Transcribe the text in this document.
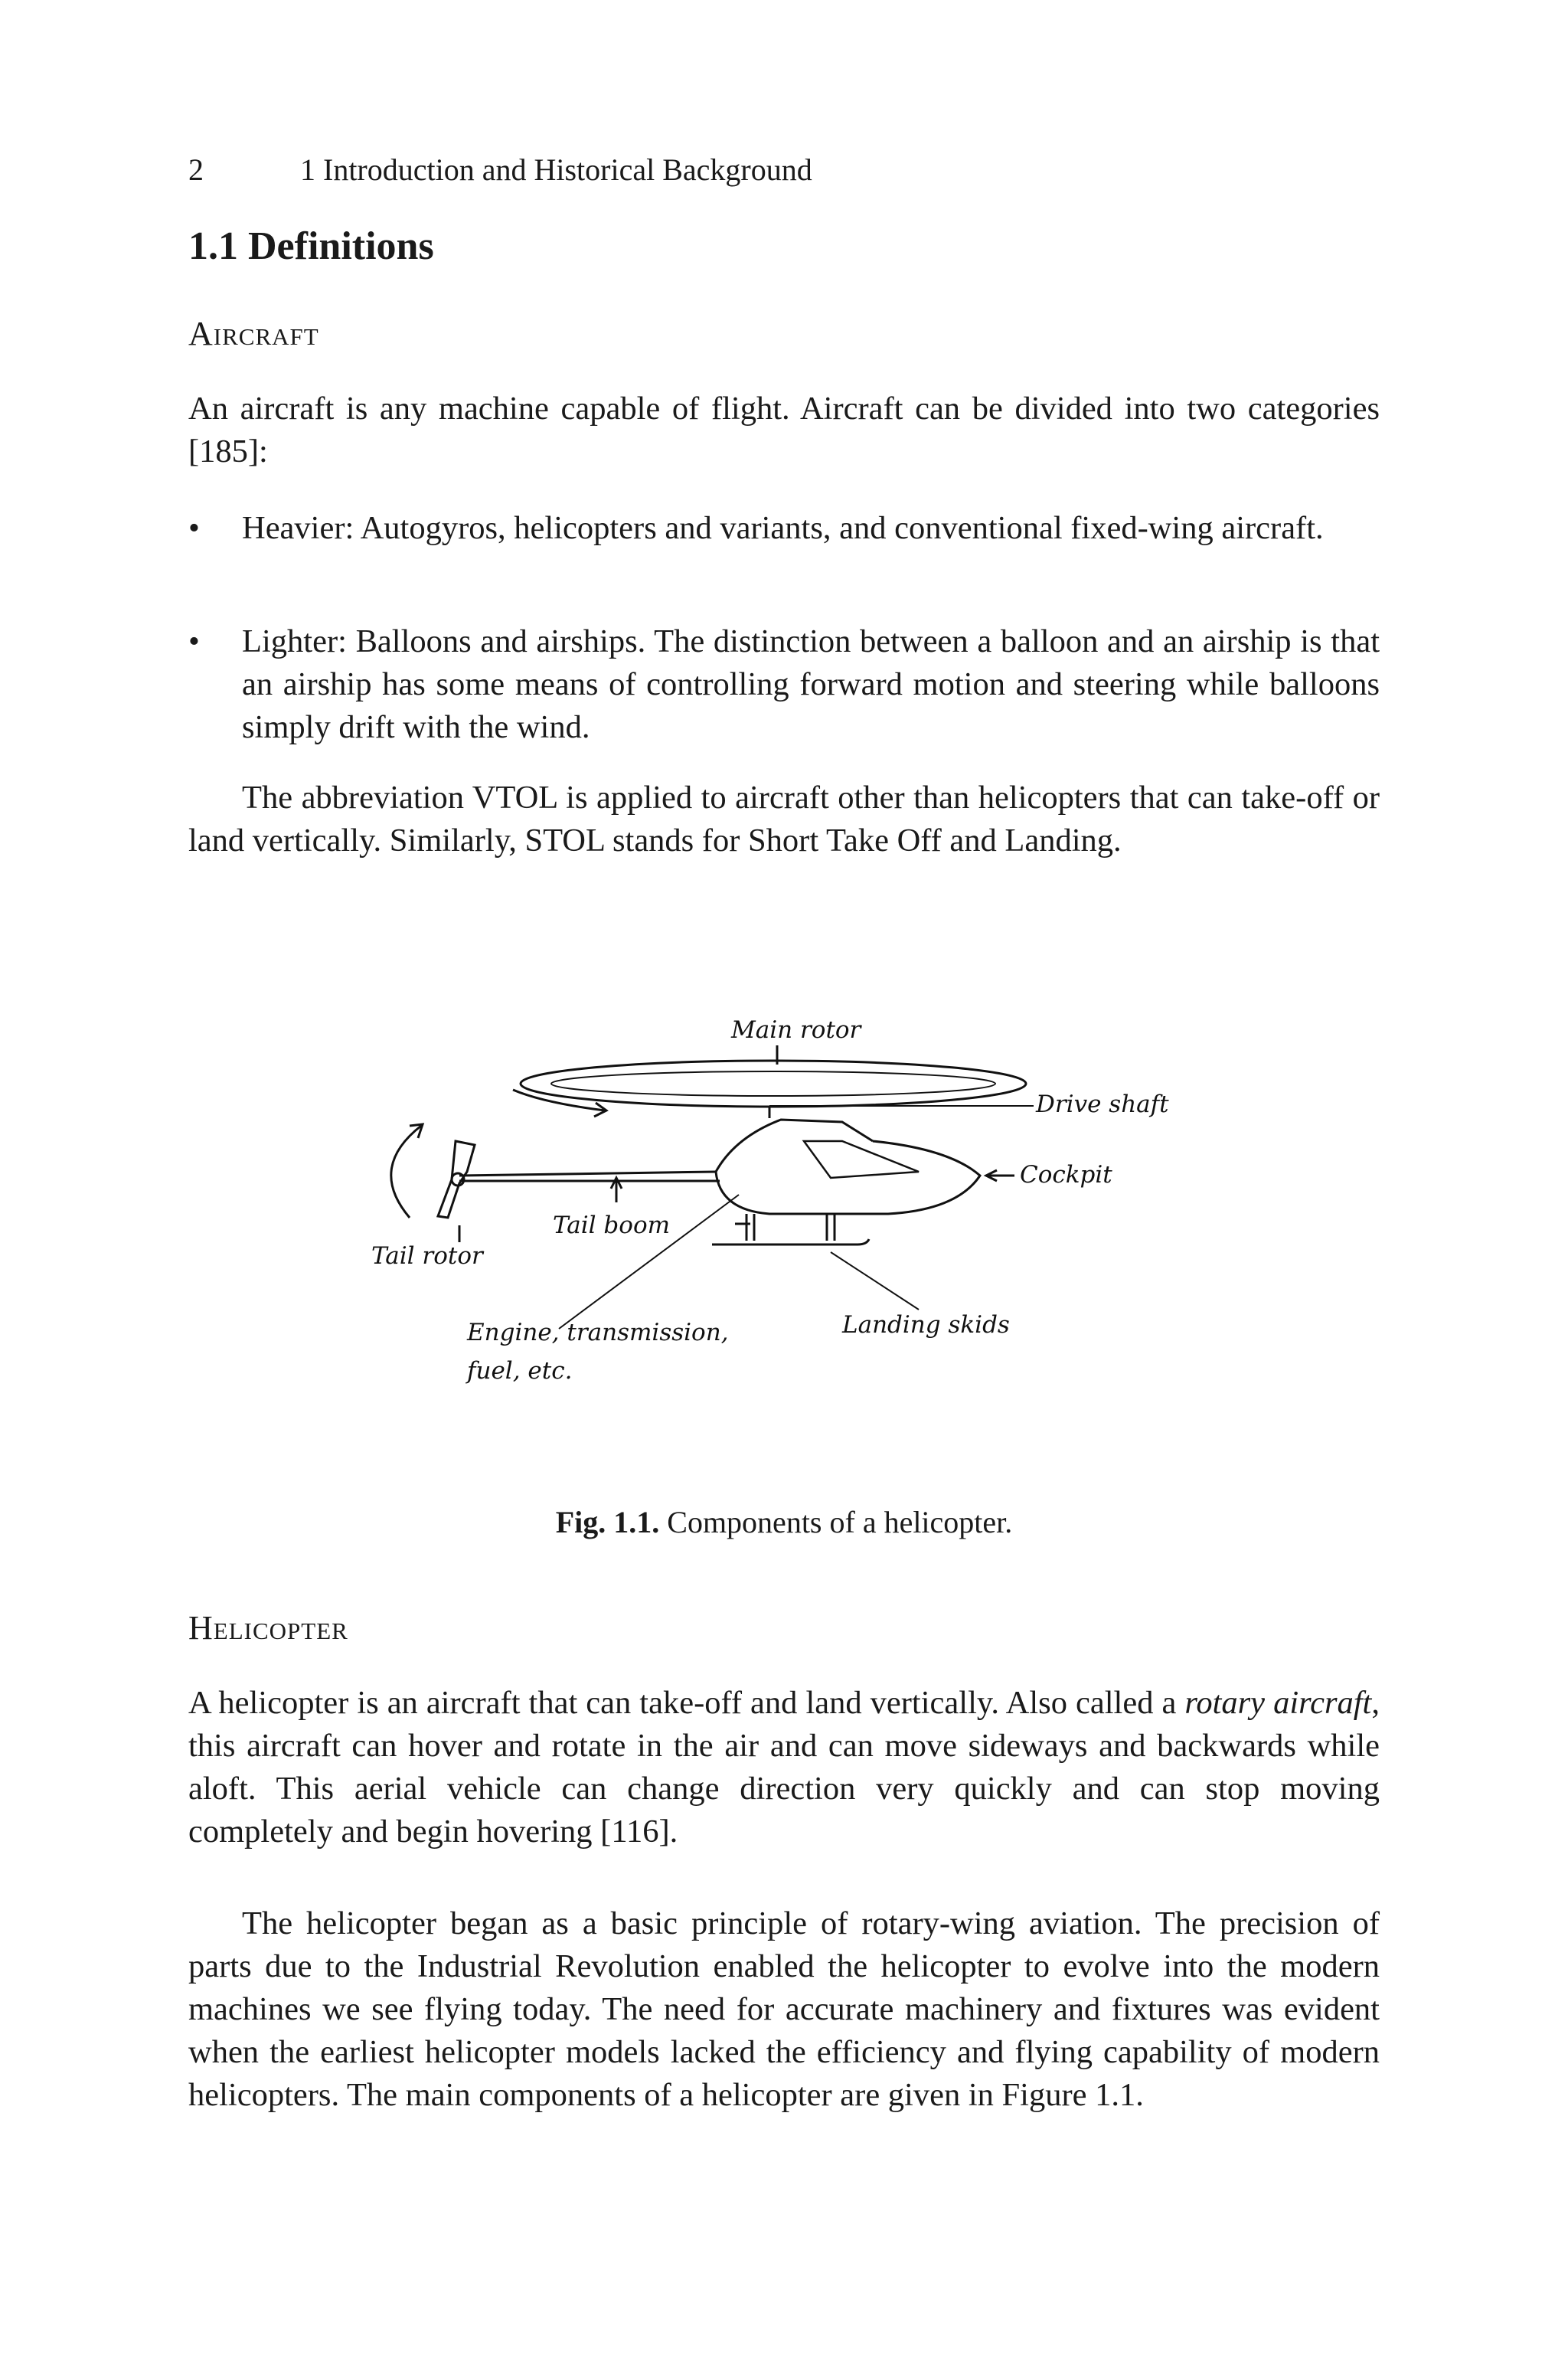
2	1 Introduction and Historical Background
1.1 Definitions
Aircraft
An aircraft is any machine capable of flight. Aircraft can be divided into two categories [185]:
•	Heavier: Autogyros, helicopters and variants, and conventional fixed-wing aircraft.
•	Lighter: Balloons and airships. The distinction between a balloon and an airship is that an airship has some means of controlling forward motion and steering while balloons simply drift with the wind.
The abbreviation VTOL is applied to aircraft other than helicopters that can take-off or land vertically. Similarly, STOL stands for Short Take Off and Landing.
Main rotor
Drive shaft
Cockpit
Tail boom
Tail rotor
Engine, transmission,
fuel, etc.
Landing skids
Fig. 1.1. Components of a helicopter.
Helicopter
A helicopter is an aircraft that can take-off and land vertically. Also called a rotary aircraft, this aircraft can hover and rotate in the air and can move sideways and backwards while aloft. This aerial vehicle can change direction very quickly and can stop moving completely and begin hovering [116].
The helicopter began as a basic principle of rotary-wing aviation. The precision of parts due to the Industrial Revolution enabled the helicopter to evolve into the modern machines we see flying today. The need for accurate machinery and fixtures was evident when the earliest helicopter models lacked the efficiency and flying capability of modern helicopters. The main components of a helicopter are given in Figure 1.1.
